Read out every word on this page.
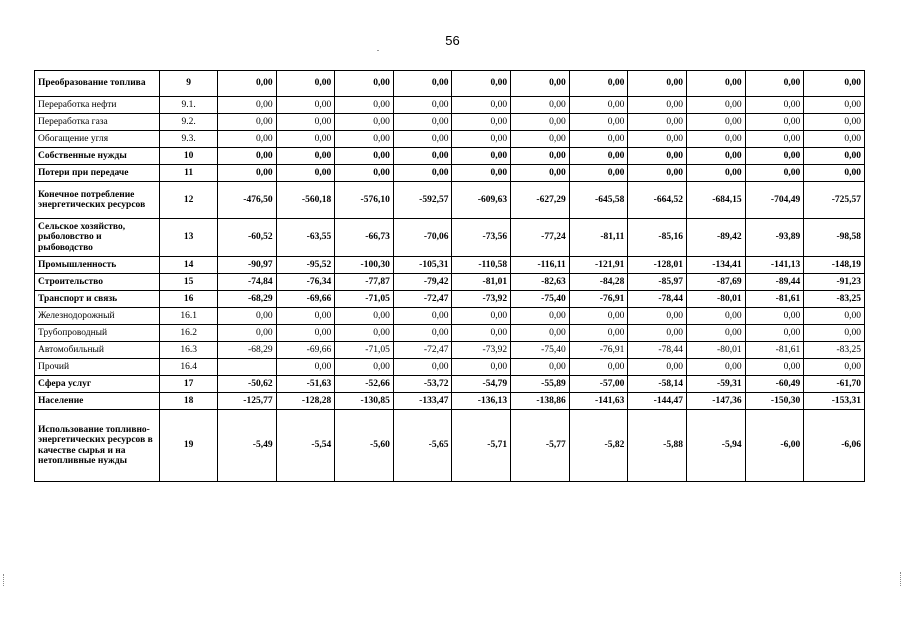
56
Преобразование топлива	9	0,00	0,00	0,00	0,00	0,00	0,00	0,00	0,00	0,00	0,00	0,00
Переработка нефти	9.1.	0,00	0,00	0,00	0,00	0,00	0,00	0,00	0,00	0,00	0,00	0,00
Переработка газа	9.2.	0,00	0,00	0,00	0,00	0,00	0,00	0,00	0,00	0,00	0,00	0,00
Обогащение угля	9.3.	0,00	0,00	0,00	0,00	0,00	0,00	0,00	0,00	0,00	0,00	0,00
Собственные нужды	10	0,00	0,00	0,00	0,00	0,00	0,00	0,00	0,00	0,00	0,00	0,00
Потери при передаче	11	0,00	0,00	0,00	0,00	0,00	0,00	0,00	0,00	0,00	0,00	0,00
Конечное потребление энергетических ресурсов	12	-476,50	-560,18	-576,10	-592,57	-609,63	-627,29	-645,58	-664,52	-684,15	-704,49	-725,57
Сельское хозяйство, рыболовство и рыбоводство	13	-60,52	-63,55	-66,73	-70,06	-73,56	-77,24	-81,11	-85,16	-89,42	-93,89	-98,58
Промышленность	14	-90,97	-95,52	-100,30	-105,31	-110,58	-116,11	-121,91	-128,01	-134,41	-141,13	-148,19
Строительство	15	-74,84	-76,34	-77,87	-79,42	-81,01	-82,63	-84,28	-85,97	-87,69	-89,44	-91,23
Транспорт и связь	16	-68,29	-69,66	-71,05	-72,47	-73,92	-75,40	-76,91	-78,44	-80,01	-81,61	-83,25
Железнодорожный	16.1	0,00	0,00	0,00	0,00	0,00	0,00	0,00	0,00	0,00	0,00	0,00
Трубопроводный	16.2	0,00	0,00	0,00	0,00	0,00	0,00	0,00	0,00	0,00	0,00	0,00
Автомобильный	16.3	-68,29	-69,66	-71,05	-72,47	-73,92	-75,40	-76,91	-78,44	-80,01	-81,61	-83,25
Прочий	16.4		0,00	0,00	0,00	0,00	0,00	0,00	0,00	0,00	0,00	0,00
Сфера услуг	17	-50,62	-51,63	-52,66	-53,72	-54,79	-55,89	-57,00	-58,14	-59,31	-60,49	-61,70
Население	18	-125,77	-128,28	-130,85	-133,47	-136,13	-138,86	-141,63	-144,47	-147,36	-150,30	-153,31
Использование топливно-энергетических ресурсов в качестве сырья и на нетопливные нужды	19	-5,49	-5,54	-5,60	-5,65	-5,71	-5,77	-5,82	-5,88	-5,94	-6,00	-6,06
